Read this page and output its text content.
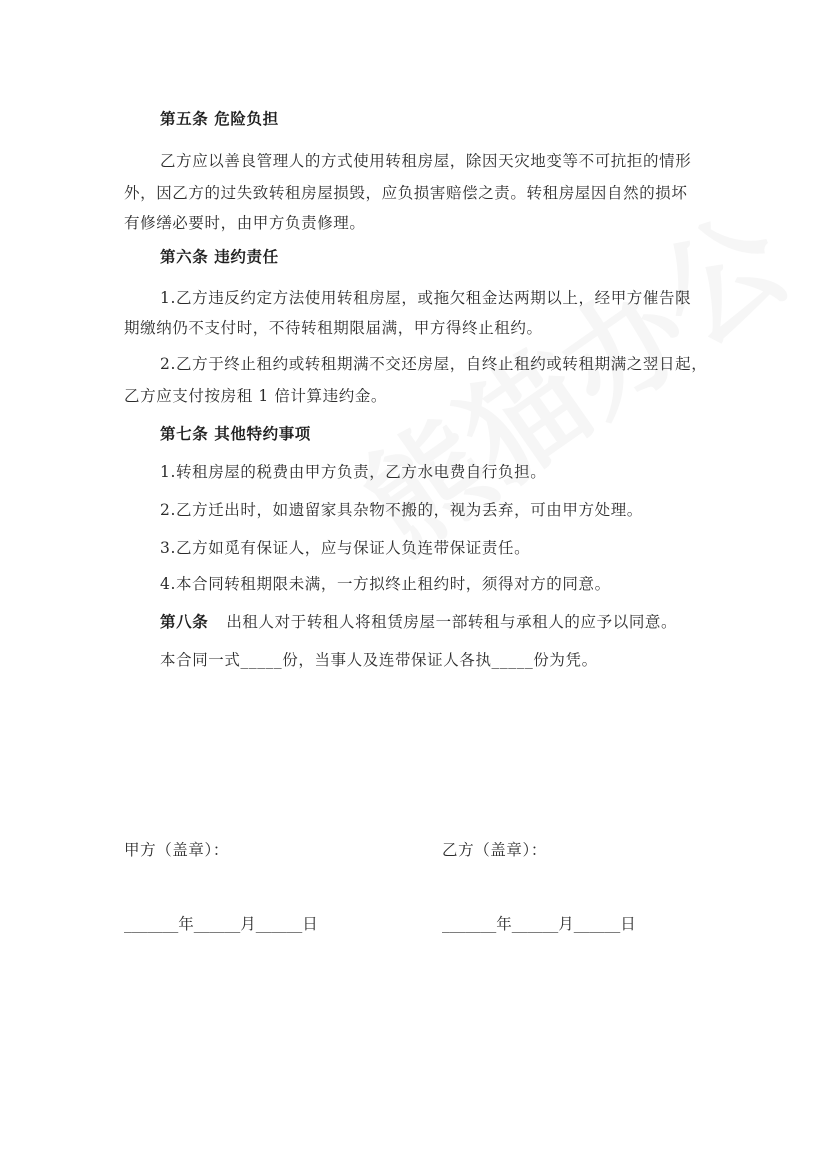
第五条 危险负担
乙方应以善良管理人的方式使用转租房屋，除因天灾地变等不可抗拒的情形
外，因乙方的过失致转租房屋损毁，应负损害赔偿之责。转租房屋因自然的损坏
有修缮必要时，由甲方负责修理。
第六条 违约责任
1.乙方违反约定方法使用转租房屋，或拖欠租金达两期以上，经甲方催告限
期缴纳仍不支付时，不待转租期限届满，甲方得终止租约。
2.乙方于终止租约或转租期满不交还房屋，自终止租约或转租期满之翌日起，
乙方应支付按房租 1 倍计算违约金。
第七条 其他特约事项
1.转租房屋的税费由甲方负责，乙方水电费自行负担。
2.乙方迁出时，如遗留家具杂物不搬的，视为丢弃，可由甲方处理。
3.乙方如觅有保证人，应与保证人负连带保证责任。
4.本合同转租期限未满，一方拟终止租约时，须得对方的同意。
第八条 出租人对于转租人将租赁房屋一部转租与承租人的应予以同意。
本合同一式_____份，当事人及连带保证人各执_____份为凭。
甲方（盖章）：	乙方（盖章）：
_______年______月______日	_______年______月______日
